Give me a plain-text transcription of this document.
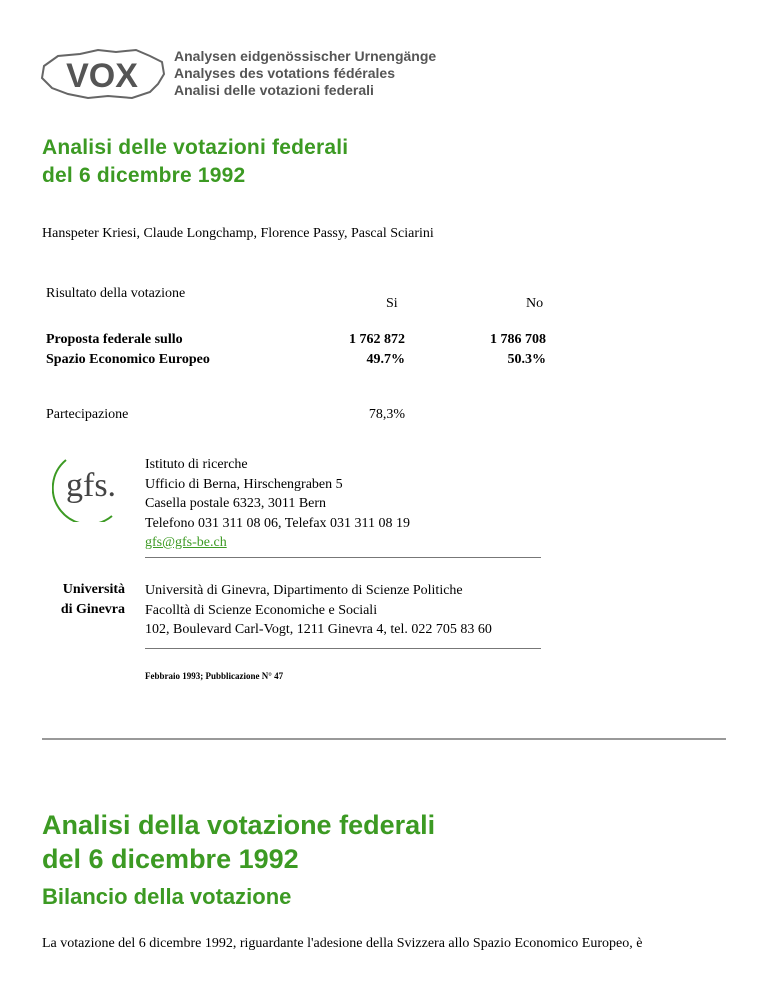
VOX
Analysen eidgenössischer Urnengänge
Analyses des votations fédérales
Analisi delle votazioni federali
Analisi delle votazioni federali
del 6 dicembre 1992
Hanspeter Kriesi, Claude Longchamp, Florence Passy, Pascal Sciarini
Risultato della votazione
Si	No
Proposta federale sullo
Spazio Economico Europeo
1 762 872
49.7%
1 786 708
50.3%
Partecipazione	78,3%
gfs.
Istituto di ricerche
Ufficio di Berna, Hirschengraben 5
Casella postale 6323, 3011 Bern
Telefono 031 311 08 06, Telefax 031 311 08 19
gfs@gfs-be.ch
Università
di Ginevra
Università di Ginevra, Dipartimento di Scienze Politiche
Facolltà di Scienze Economiche e Sociali
102, Boulevard Carl-Vogt, 1211 Ginevra 4, tel. 022 705 83 60
Febbraio 1993; Pubblicazione N° 47
Analisi della votazione federali
del 6 dicembre 1992
Bilancio della votazione
La votazione del 6 dicembre 1992, riguardante l'adesione della Svizzera allo Spazio Economico Europeo, è
